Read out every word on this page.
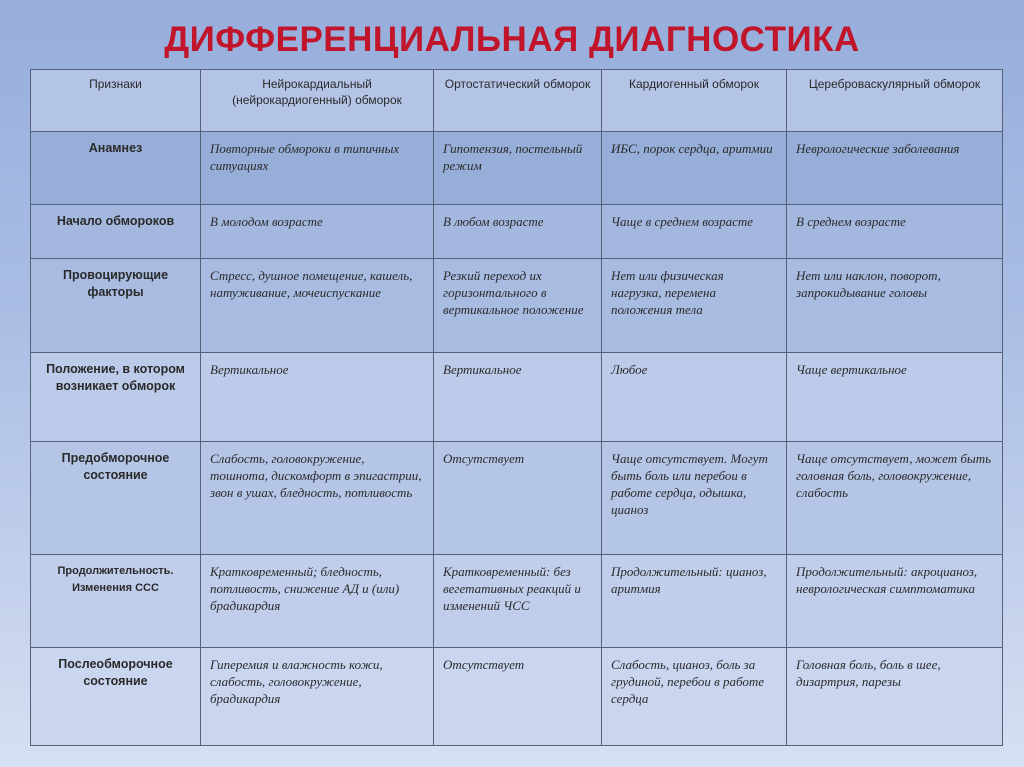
ДИФФЕРЕНЦИАЛЬНАЯ ДИАГНОСТИКА
Признаки	Нейрокардиальный (нейрокардиогенный) обморок	Ортостатический обморок	Кардиогенный обморок	Цереброваскулярный обморок
Анамнез	Повторные обмороки в типичных ситуациях	Гипотензия, постельный режим	ИБС, порок сердца, аритмии	Неврологические заболевания
Начало обмороков	В молодом возрасте	В любом возрасте	Чаще в среднем возрасте	В среднем возрасте
Провоцирующие факторы	Стресс, душное помещение, кашель, натуживание, мочеиспускание	Резкий переход их горизонтального в вертикальное положение	Нет или физическая нагрузка, перемена положения тела	Нет или наклон, поворот, запрокидывание головы
Положение, в котором возникает обморок	Вертикальное	Вертикальное	Любое	Чаще вертикальное
Предобморочное состояние	Слабость, головокружение, тошнота, дискомфорт в эпигастрии, звон в ушах, бледность, потливость	Отсутствует	Чаще отсутствует. Могут быть боль или перебои в работе сердца, одышка, цианоз	Чаще отсутствует, может быть головная боль, головокружение, слабость
Продолжительность. Изменения ССС	Кратковременный; бледность, потливость, снижение АД и (или) брадикардия	Кратковременный: без вегетативных реакций и изменений ЧСС	Продолжительный: цианоз, аритмия	Продолжительный: акроцианоз, неврологическая симптоматика
Послеобморочное состояние	Гиперемия и влажность кожи, слабость, головокружение, брадикардия	Отсутствует	Слабость, цианоз, боль за грудиной, перебои в работе сердца	Головная боль, боль в шее, дизартрия, парезы
